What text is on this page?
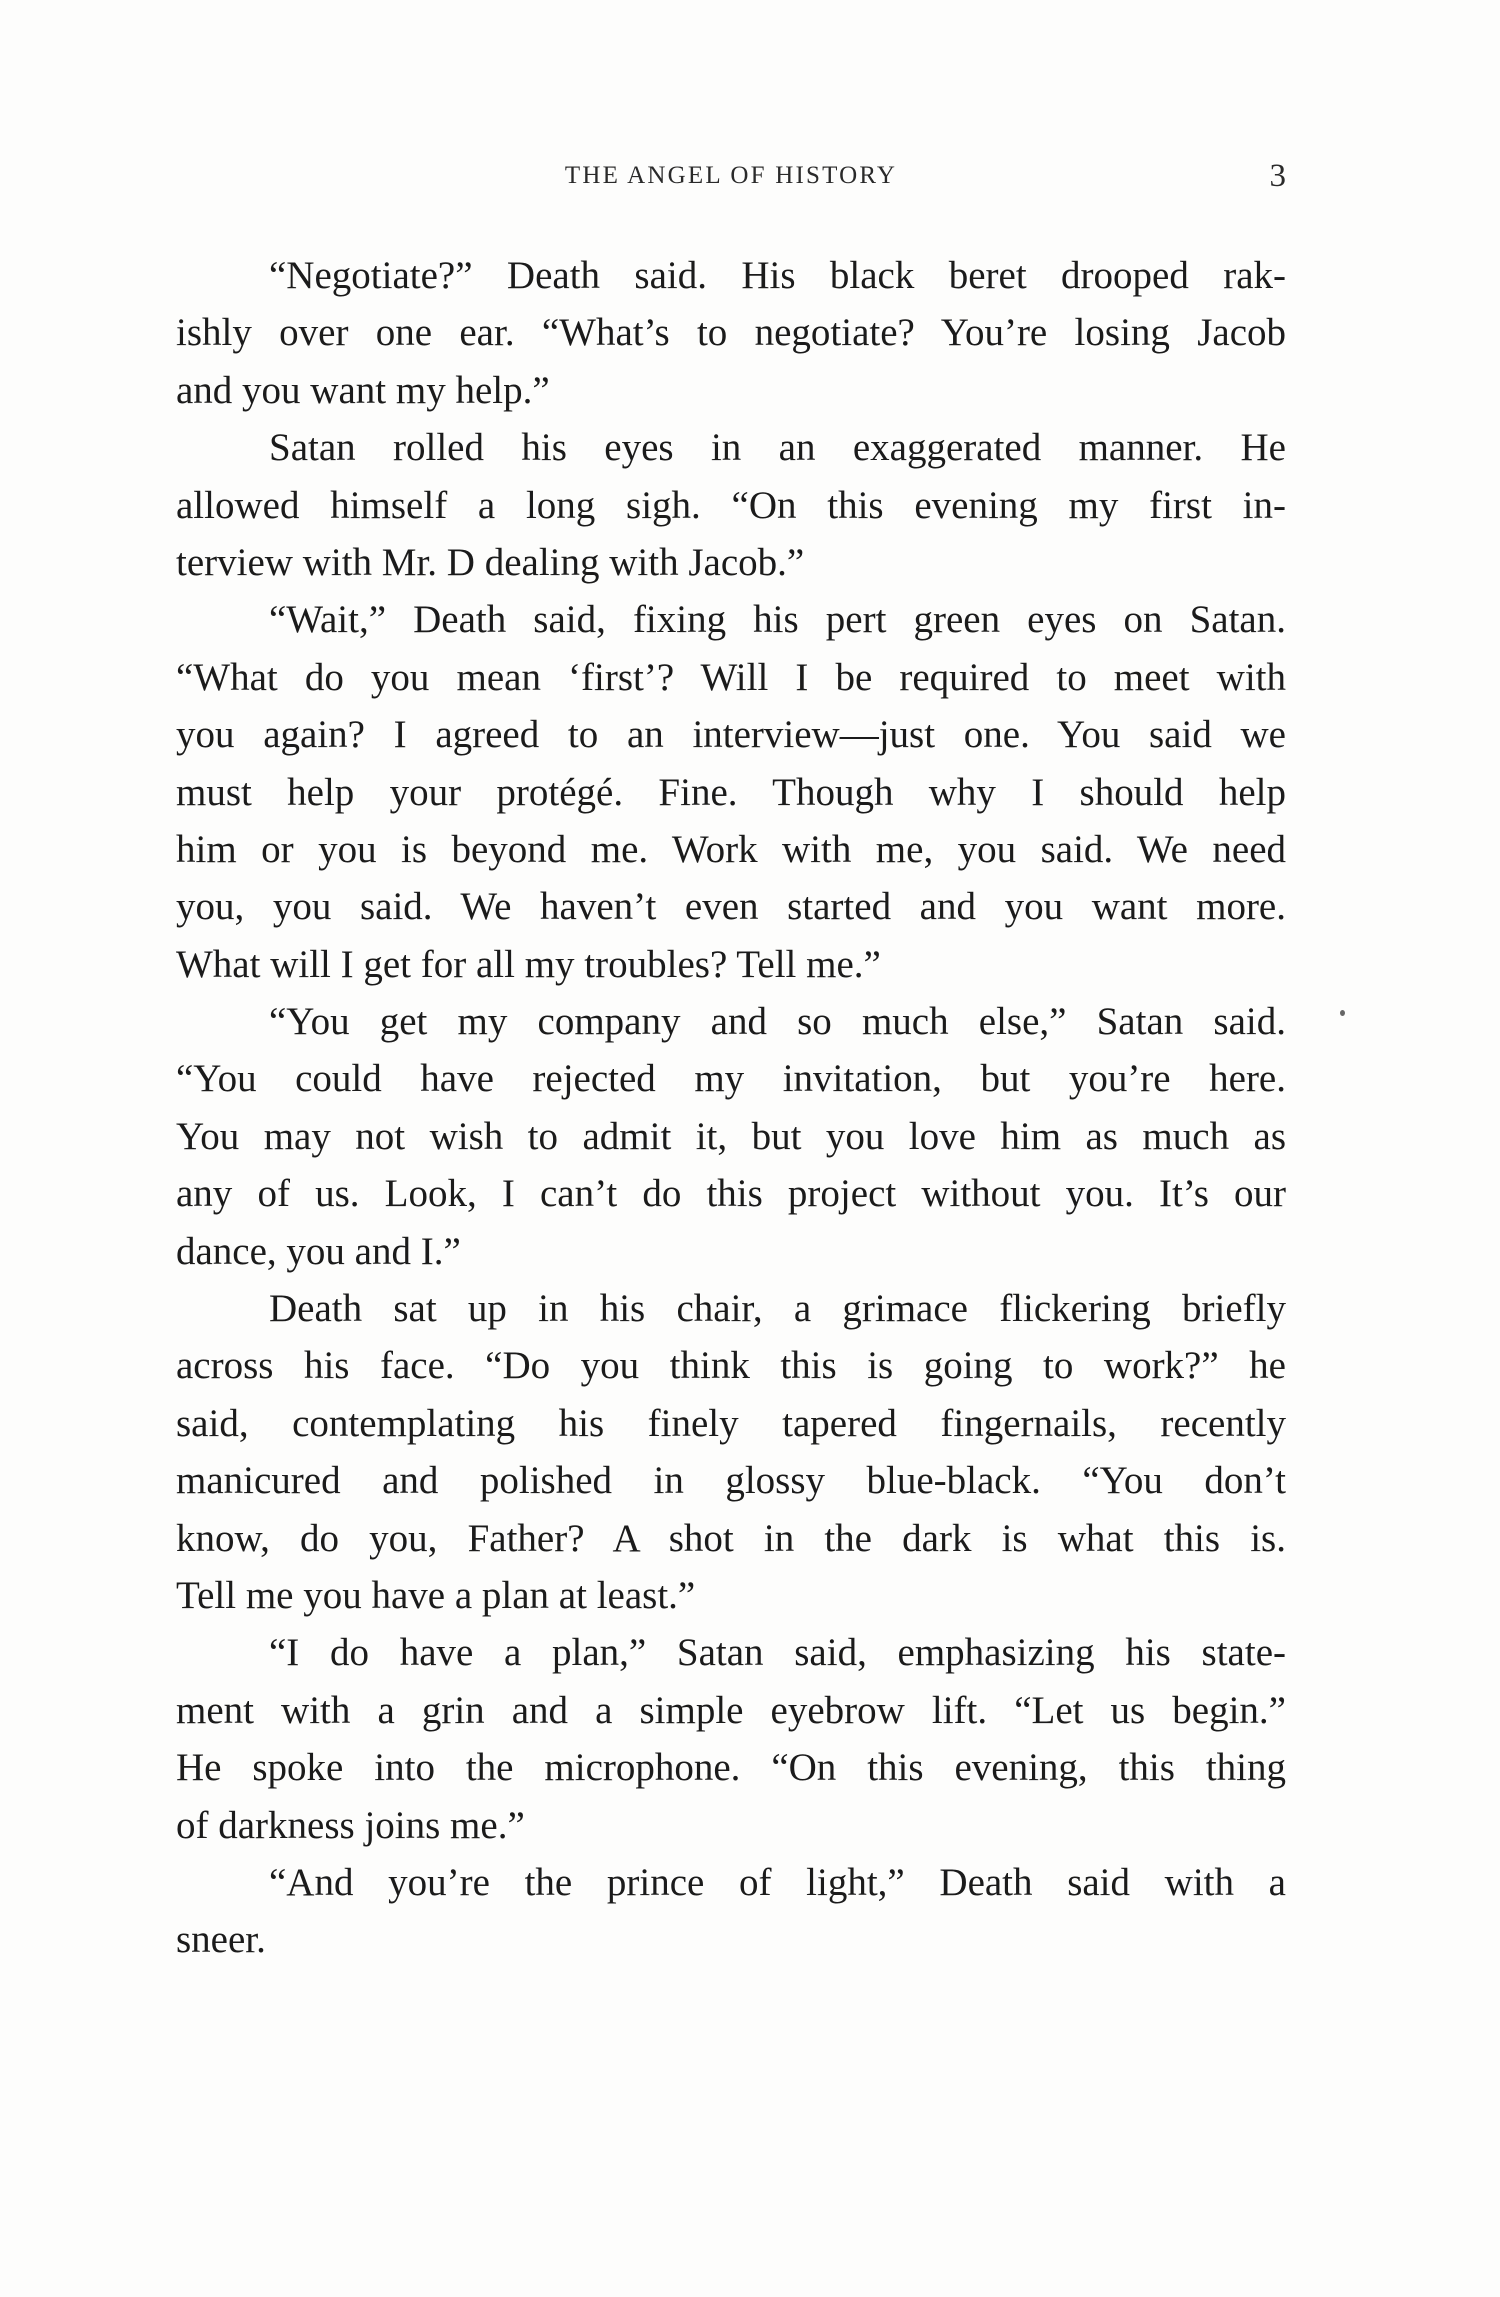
THE ANGEL OF HISTORY	3
“Negotiate?” Death said. His black beret drooped rak-
ishly over one ear. “What’s to negotiate? You’re losing Jacob
and you want my help.”
Satan rolled his eyes in an exaggerated manner. He
allowed himself a long sigh. “On this evening my first in-
terview with Mr. D dealing with Jacob.”
“Wait,” Death said, fixing his pert green eyes on Satan.
“What do you mean ‘first’? Will I be required to meet with
you again? I agreed to an interview—just one. You said we
must help your protégé. Fine. Though why I should help
him or you is beyond me. Work with me, you said. We need
you, you said. We haven’t even started and you want more.
What will I get for all my troubles? Tell me.”
“You get my company and so much else,” Satan said.
“You could have rejected my invitation, but you’re here.
You may not wish to admit it, but you love him as much as
any of us. Look, I can’t do this project without you. It’s our
dance, you and I.”
Death sat up in his chair, a grimace flickering briefly
across his face. “Do you think this is going to work?” he
said, contemplating his finely tapered fingernails, recently
manicured and polished in glossy blue-black. “You don’t
know, do you, Father? A shot in the dark is what this is.
Tell me you have a plan at least.”
“I do have a plan,” Satan said, emphasizing his state-
ment with a grin and a simple eyebrow lift. “Let us begin.”
He spoke into the microphone. “On this evening, this thing
of darkness joins me.”
“And you’re the prince of light,” Death said with a
sneer.
